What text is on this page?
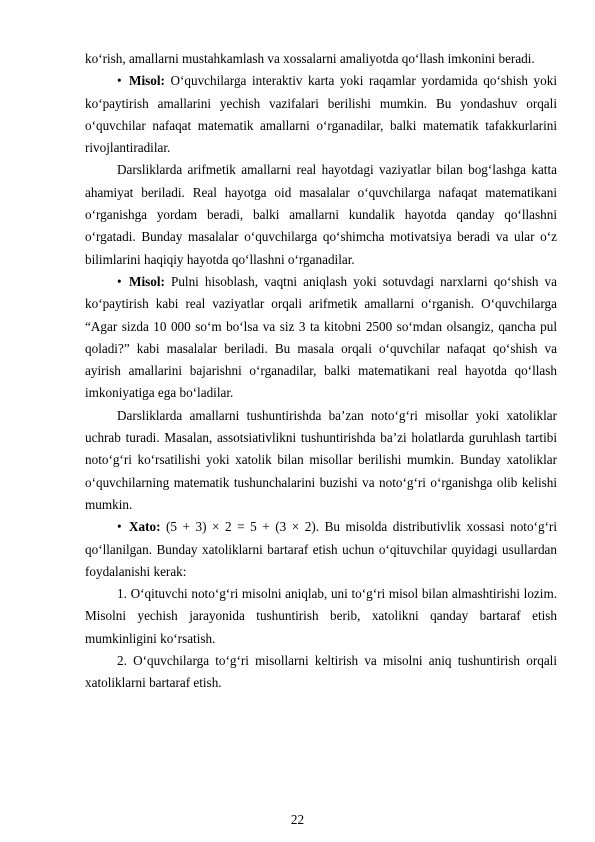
ko‘rish, amallarni mustahkamlash va xossalarni amaliyotda qo‘llash imkonini beradi.

• Misol: O‘quvchilarga interaktiv karta yoki raqamlar yordamida qo‘shish yoki ko‘paytirish amallarini yechish vazifalari berilishi mumkin. Bu yondashuv orqali o‘quvchilar nafaqat matematik amallarni o‘rganadilar, balki matematik tafakkurlarini rivojlantiradilar.

Darsliklarda arifmetik amallarni real hayotdagi vaziyatlar bilan bog‘lashga katta ahamiyat beriladi. Real hayotga oid masalalar o‘quvchilarga nafaqat matematikani o‘rganishga yordam beradi, balki amallarni kundalik hayotda qanday qo‘llashni o‘rgatadi. Bunday masalalar o‘quvchilarga qo‘shimcha motivatsiya beradi va ular o‘z bilimlarini haqiqiy hayotda qo‘llashni o‘rganadilar.

• Misol: Pulni hisoblash, vaqtni aniqlash yoki sotuvdagi narxlarni qo‘shish va ko‘paytirish kabi real vaziyatlar orqali arifmetik amallarni o‘rganish. O‘quvchilarga “Agar sizda 10 000 so‘m bo‘lsa va siz 3 ta kitobni 2500 so‘mdan olsangiz, qancha pul qoladi?” kabi masalalar beriladi. Bu masala orqali o‘quvchilar nafaqat qo‘shish va ayirish amallarini bajarishni o‘rganadilar, balki matematikani real hayotda qo‘llash imkoniyatiga ega bo‘ladilar.

Darsliklarda amallarni tushuntirishda ba’zan noto‘g‘ri misollar yoki xatoliklar uchrab turadi. Masalan, assotsiativlikni tushuntirishda ba’zi holatlarda guruhlash tartibi noto‘g‘ri ko‘rsatilishi yoki xatolik bilan misollar berilishi mumkin. Bunday xatoliklar o‘quvchilarning matematik tushunchalarini buzishi va noto‘g‘ri o‘rganishga olib kelishi mumkin.

• Xato: (5 + 3) × 2 = 5 + (3 × 2). Bu misolda distributivlik xossasi noto‘g‘ri qo‘llanilgan. Bunday xatoliklarni bartaraf etish uchun o‘qituvchilar quyidagi usullardan foydalanishi kerak:

1. O‘qituvchi noto‘g‘ri misolni aniqlab, uni to‘g‘ri misol bilan almashtirishi lozim. Misolni yechish jarayonida tushuntirish berib, xatolikni qanday bartaraf etish mumkinligini ko‘rsatish.

2. O‘quvchilarga to‘g‘ri misollarni keltirish va misolni aniq tushuntirish orqali xatoliklarni bartaraf etish.

22
